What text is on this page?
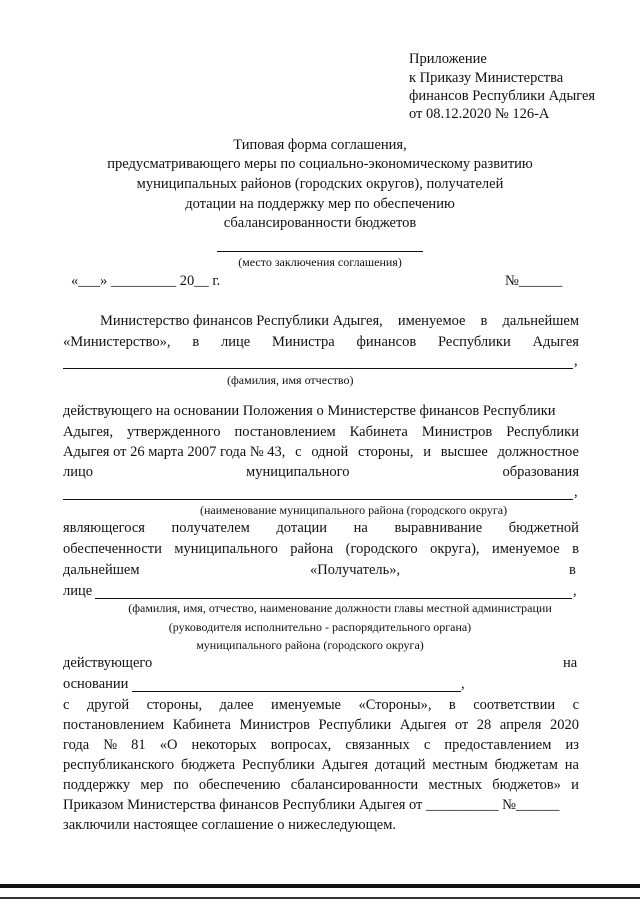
Приложение
к Приказу Министерства
финансов Республики Адыгея
от 08.12.2020 № 126-А
Типовая форма соглашения,
предусматривающего меры по социально-экономическому развитию
муниципальных районов (городских округов), получателей
дотации на поддержку мер по обеспечению
сбалансированности бюджетов
(место заключения соглашения)
«___» _________ 20__ г.	№______
Министерство финансов Республики Адыгея, именуемое в дальнейшем
«Министерство», в лице Министра финансов Республики Адыгея
,
(фамилия, имя отчество)
действующего на основании Положения о Министерстве финансов Республики
Адыгея, утвержденного постановлением Кабинета Министров Республики
Адыгея от 26 марта 2007 года № 43, с одной стороны, и высшее должностное
лицо	муниципального	образования
,
(наименование муниципального района (городского округа)
являющегося получателем дотации на выравнивание бюджетной
обеспеченности муниципального района (городского округа), именуемое в
дальнейшем	«Получатель»,	в
лице	,
(фамилия, имя, отчество, наименование должности главы местной администрации
(руководителя исполнительно - распорядительного органа)
муниципального района (городского округа)
действующего	на
основании	,
с другой стороны, далее именуемые «Стороны», в соответствии с
постановлением Кабинета Министров Республики Адыгея от 28 апреля 2020
года № 81 «О некоторых вопросах, связанных с предоставлением из
республиканского бюджета Республики Адыгея дотаций местным бюджетам на
поддержку мер по обеспечению сбалансированности местных бюджетов» и
Приказом Министерства финансов Республики Адыгея от __________ №______
заключили настоящее соглашение о нижеследующем.
